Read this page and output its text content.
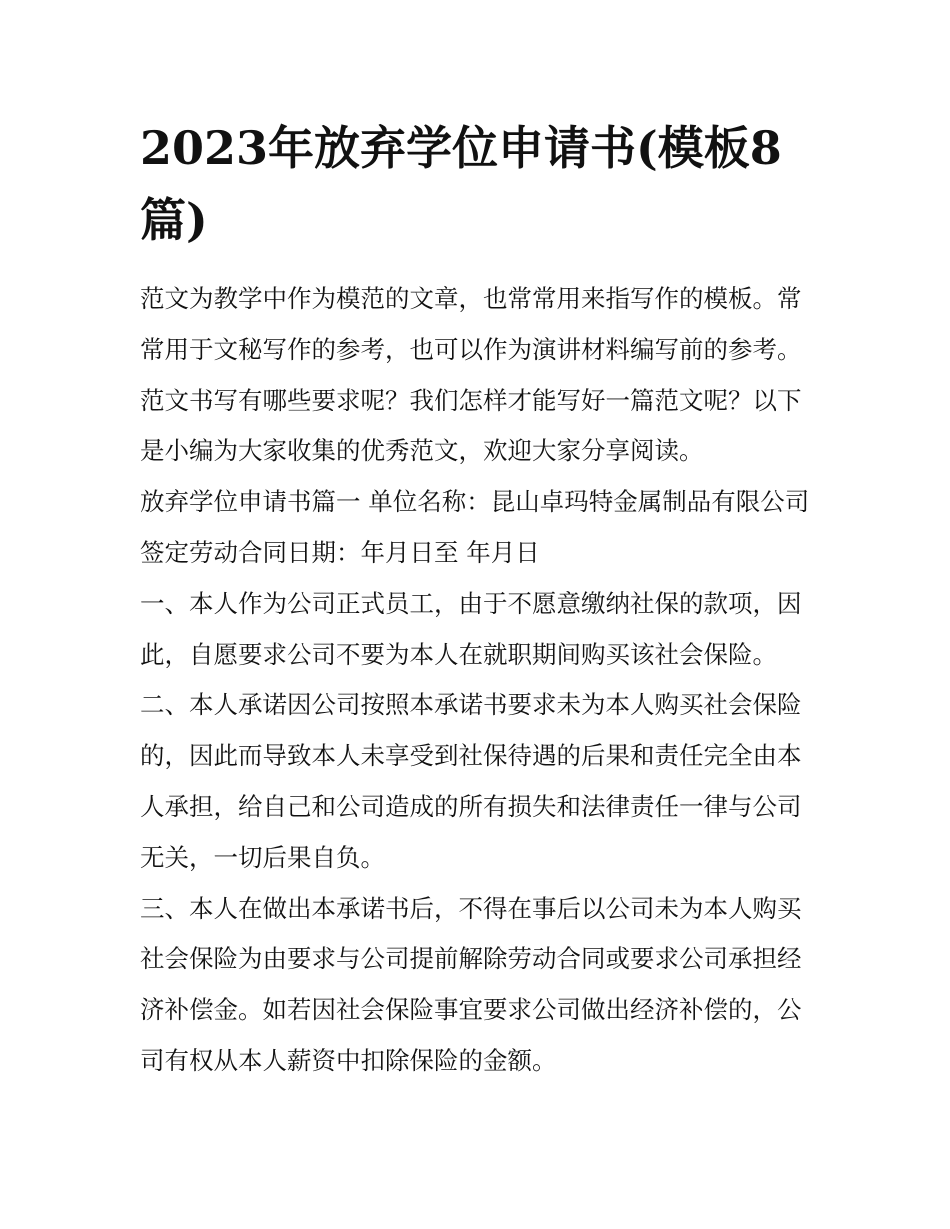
2023年放弃学位申请书(模板8篇)

范文为教学中作为模范的文章，也常常用来指写作的模板。常常用于文秘写作的参考，也可以作为演讲材料编写前的参考。范文书写有哪些要求呢？我们怎样才能写好一篇范文呢？以下是小编为大家收集的优秀范文，欢迎大家分享阅读。

放弃学位申请书篇一 单位名称：昆山卓玛特金属制品有限公司 签定劳动合同日期：年月日至 年月日

一、本人作为公司正式员工，由于不愿意缴纳社保的款项，因此，自愿要求公司不要为本人在就职期间购买该社会保险。

二、本人承诺因公司按照本承诺书要求未为本人购买社会保险的，因此而导致本人未享受到社保待遇的后果和责任完全由本人承担，给自己和公司造成的所有损失和法律责任一律与公司无关，一切后果自负。

三、本人在做出本承诺书后，不得在事后以公司未为本人购买社会保险为由要求与公司提前解除劳动合同或要求公司承担经济补偿金。如若因社会保险事宜要求公司做出经济补偿的，公司有权从本人薪资中扣除保险的金额。
